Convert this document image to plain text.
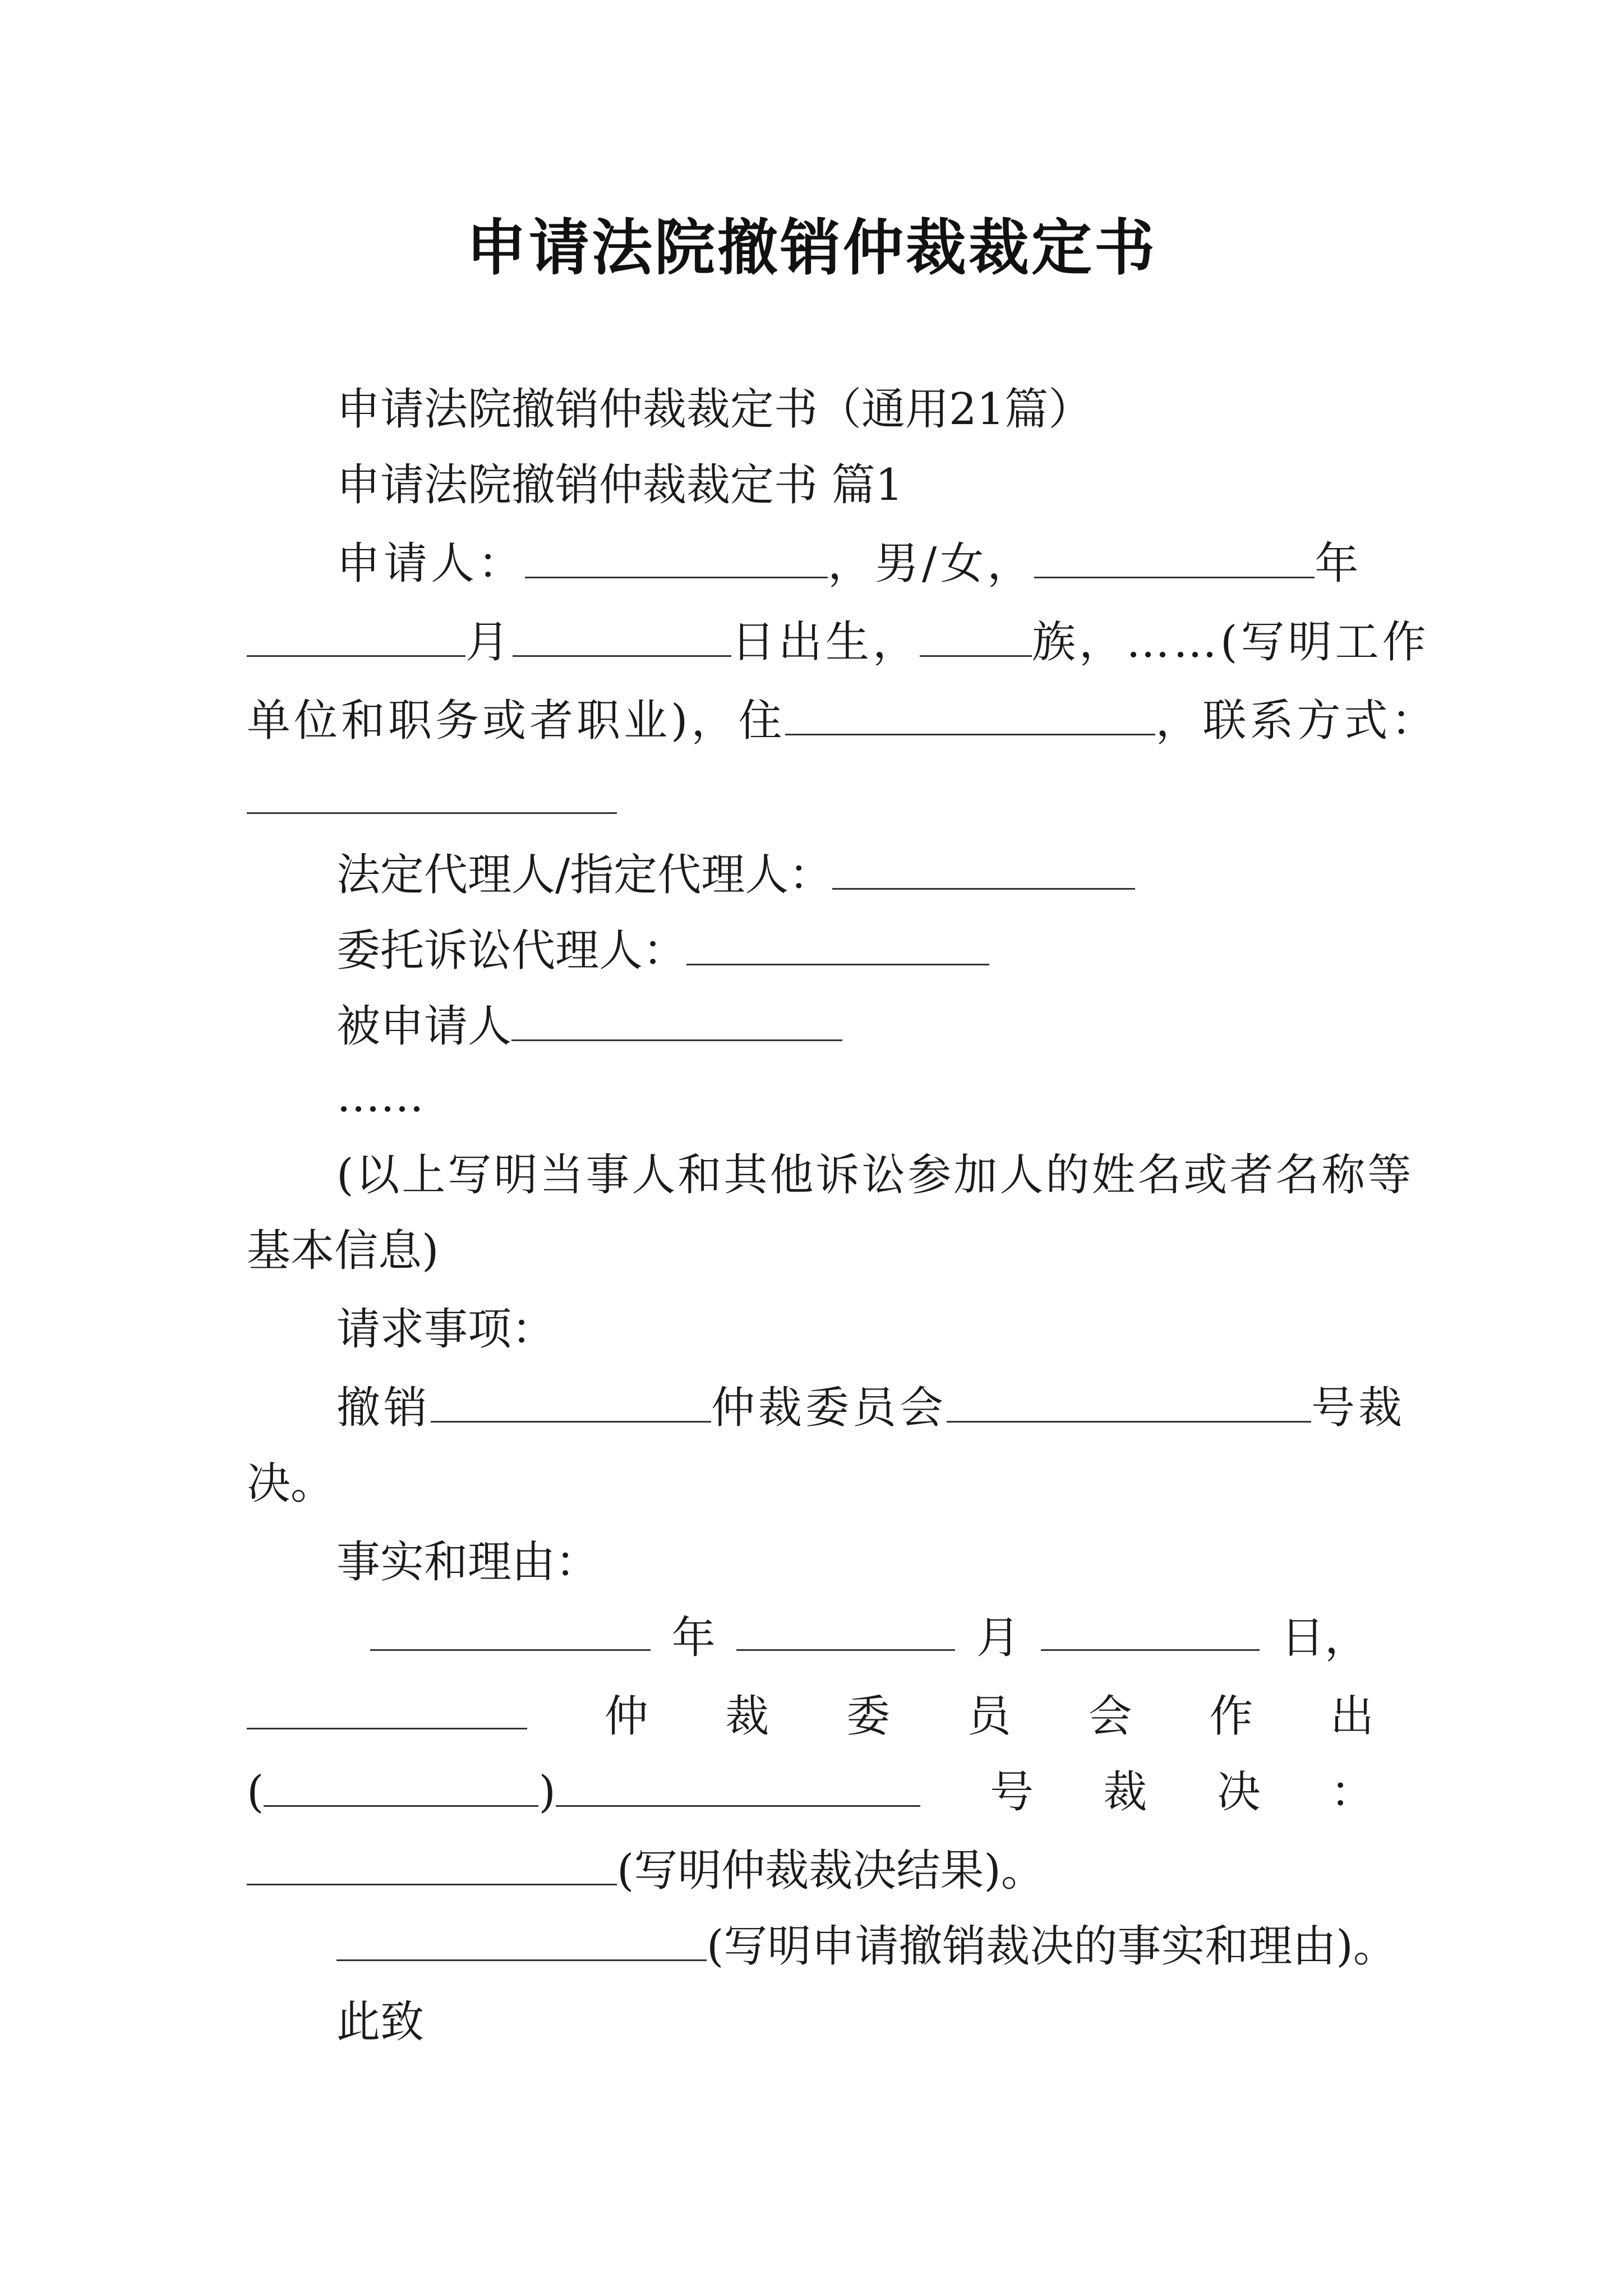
申请法院撤销仲裁裁定书
申请法院撤销仲裁裁定书（通用21篇）
申请法院撤销仲裁裁定书 篇1
申请人：	，男/女，	年
月	日出生，	族，……(写明工作
单位和职务或者职业)，住	，联系方式：
法定代理人/指定代理人：
委托诉讼代理人：
被申请人
……
(以上写明当事人和其他诉讼参加人的姓名或者名称等
基本信息)
请求事项：
撤销	仲裁委员会	号裁
决。
事实和理由：
年	月	日，
仲 裁 委 员 会 作 出
(	)	号 裁 决 ：
(写明仲裁裁决结果)。
(写明申请撤销裁决的事实和理由)。
此致
